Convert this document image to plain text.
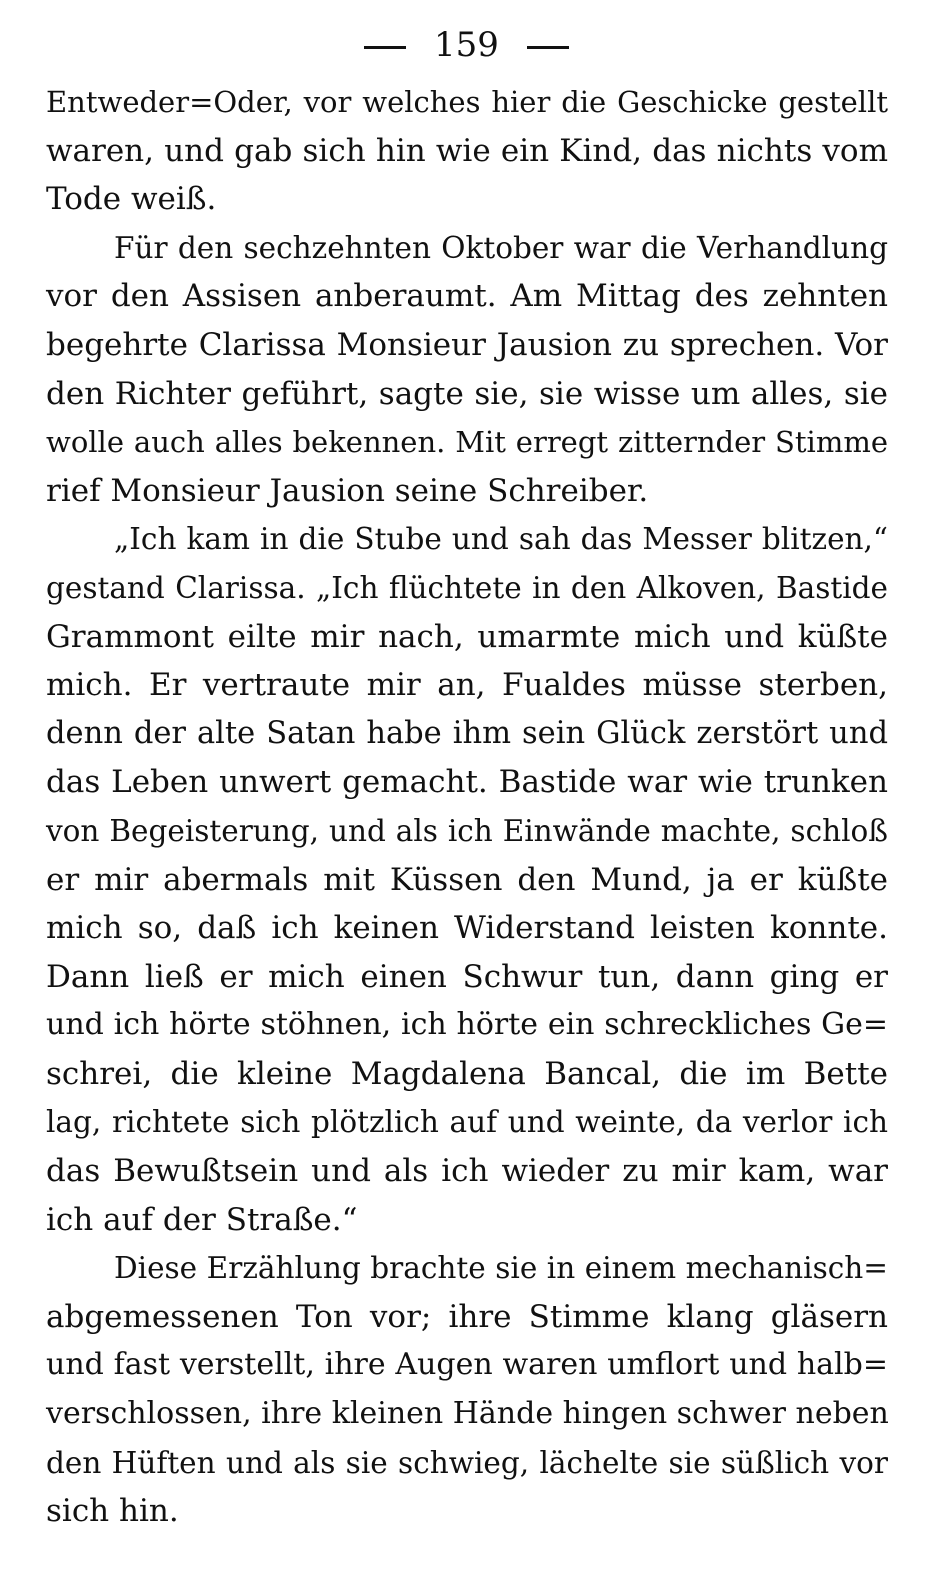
159

Entweder=Oder, vor welches hier die Geschicke gestellt
waren, und gab sich hin wie ein Kind, das nichts vom
Tode weiß.

Für den sechzehnten Oktober war die Verhandlung
vor den Assisen anberaumt. Am Mittag des zehnten
begehrte Clarissa Monsieur Jausion zu sprechen. Vor
den Richter geführt, sagte sie, sie wisse um alles, sie
wolle auch alles bekennen. Mit erregt zitternder Stimme
rief Monsieur Jausion seine Schreiber.

„Ich kam in die Stube und sah das Messer blitzen,“
gestand Clarissa. „Ich flüchtete in den Alkoven, Bastide
Grammont eilte mir nach, umarmte mich und küßte
mich. Er vertraute mir an, Fualdes müsse sterben,
denn der alte Satan habe ihm sein Glück zerstört und
das Leben unwert gemacht. Bastide war wie trunken
von Begeisterung, und als ich Einwände machte, schloß
er mir abermals mit Küssen den Mund, ja er küßte
mich so, daß ich keinen Widerstand leisten konnte.
Dann ließ er mich einen Schwur tun, dann ging er
und ich hörte stöhnen, ich hörte ein schreckliches Ge=
schrei, die kleine Magdalena Bancal, die im Bette
lag, richtete sich plötzlich auf und weinte, da verlor ich
das Bewußtsein und als ich wieder zu mir kam, war
ich auf der Straße.“

Diese Erzählung brachte sie in einem mechanisch=
abgemessenen Ton vor; ihre Stimme klang gläsern
und fast verstellt, ihre Augen waren umflort und halb=
verschlossen, ihre kleinen Hände hingen schwer neben
den Hüften und als sie schwieg, lächelte sie süßlich vor
sich hin.
